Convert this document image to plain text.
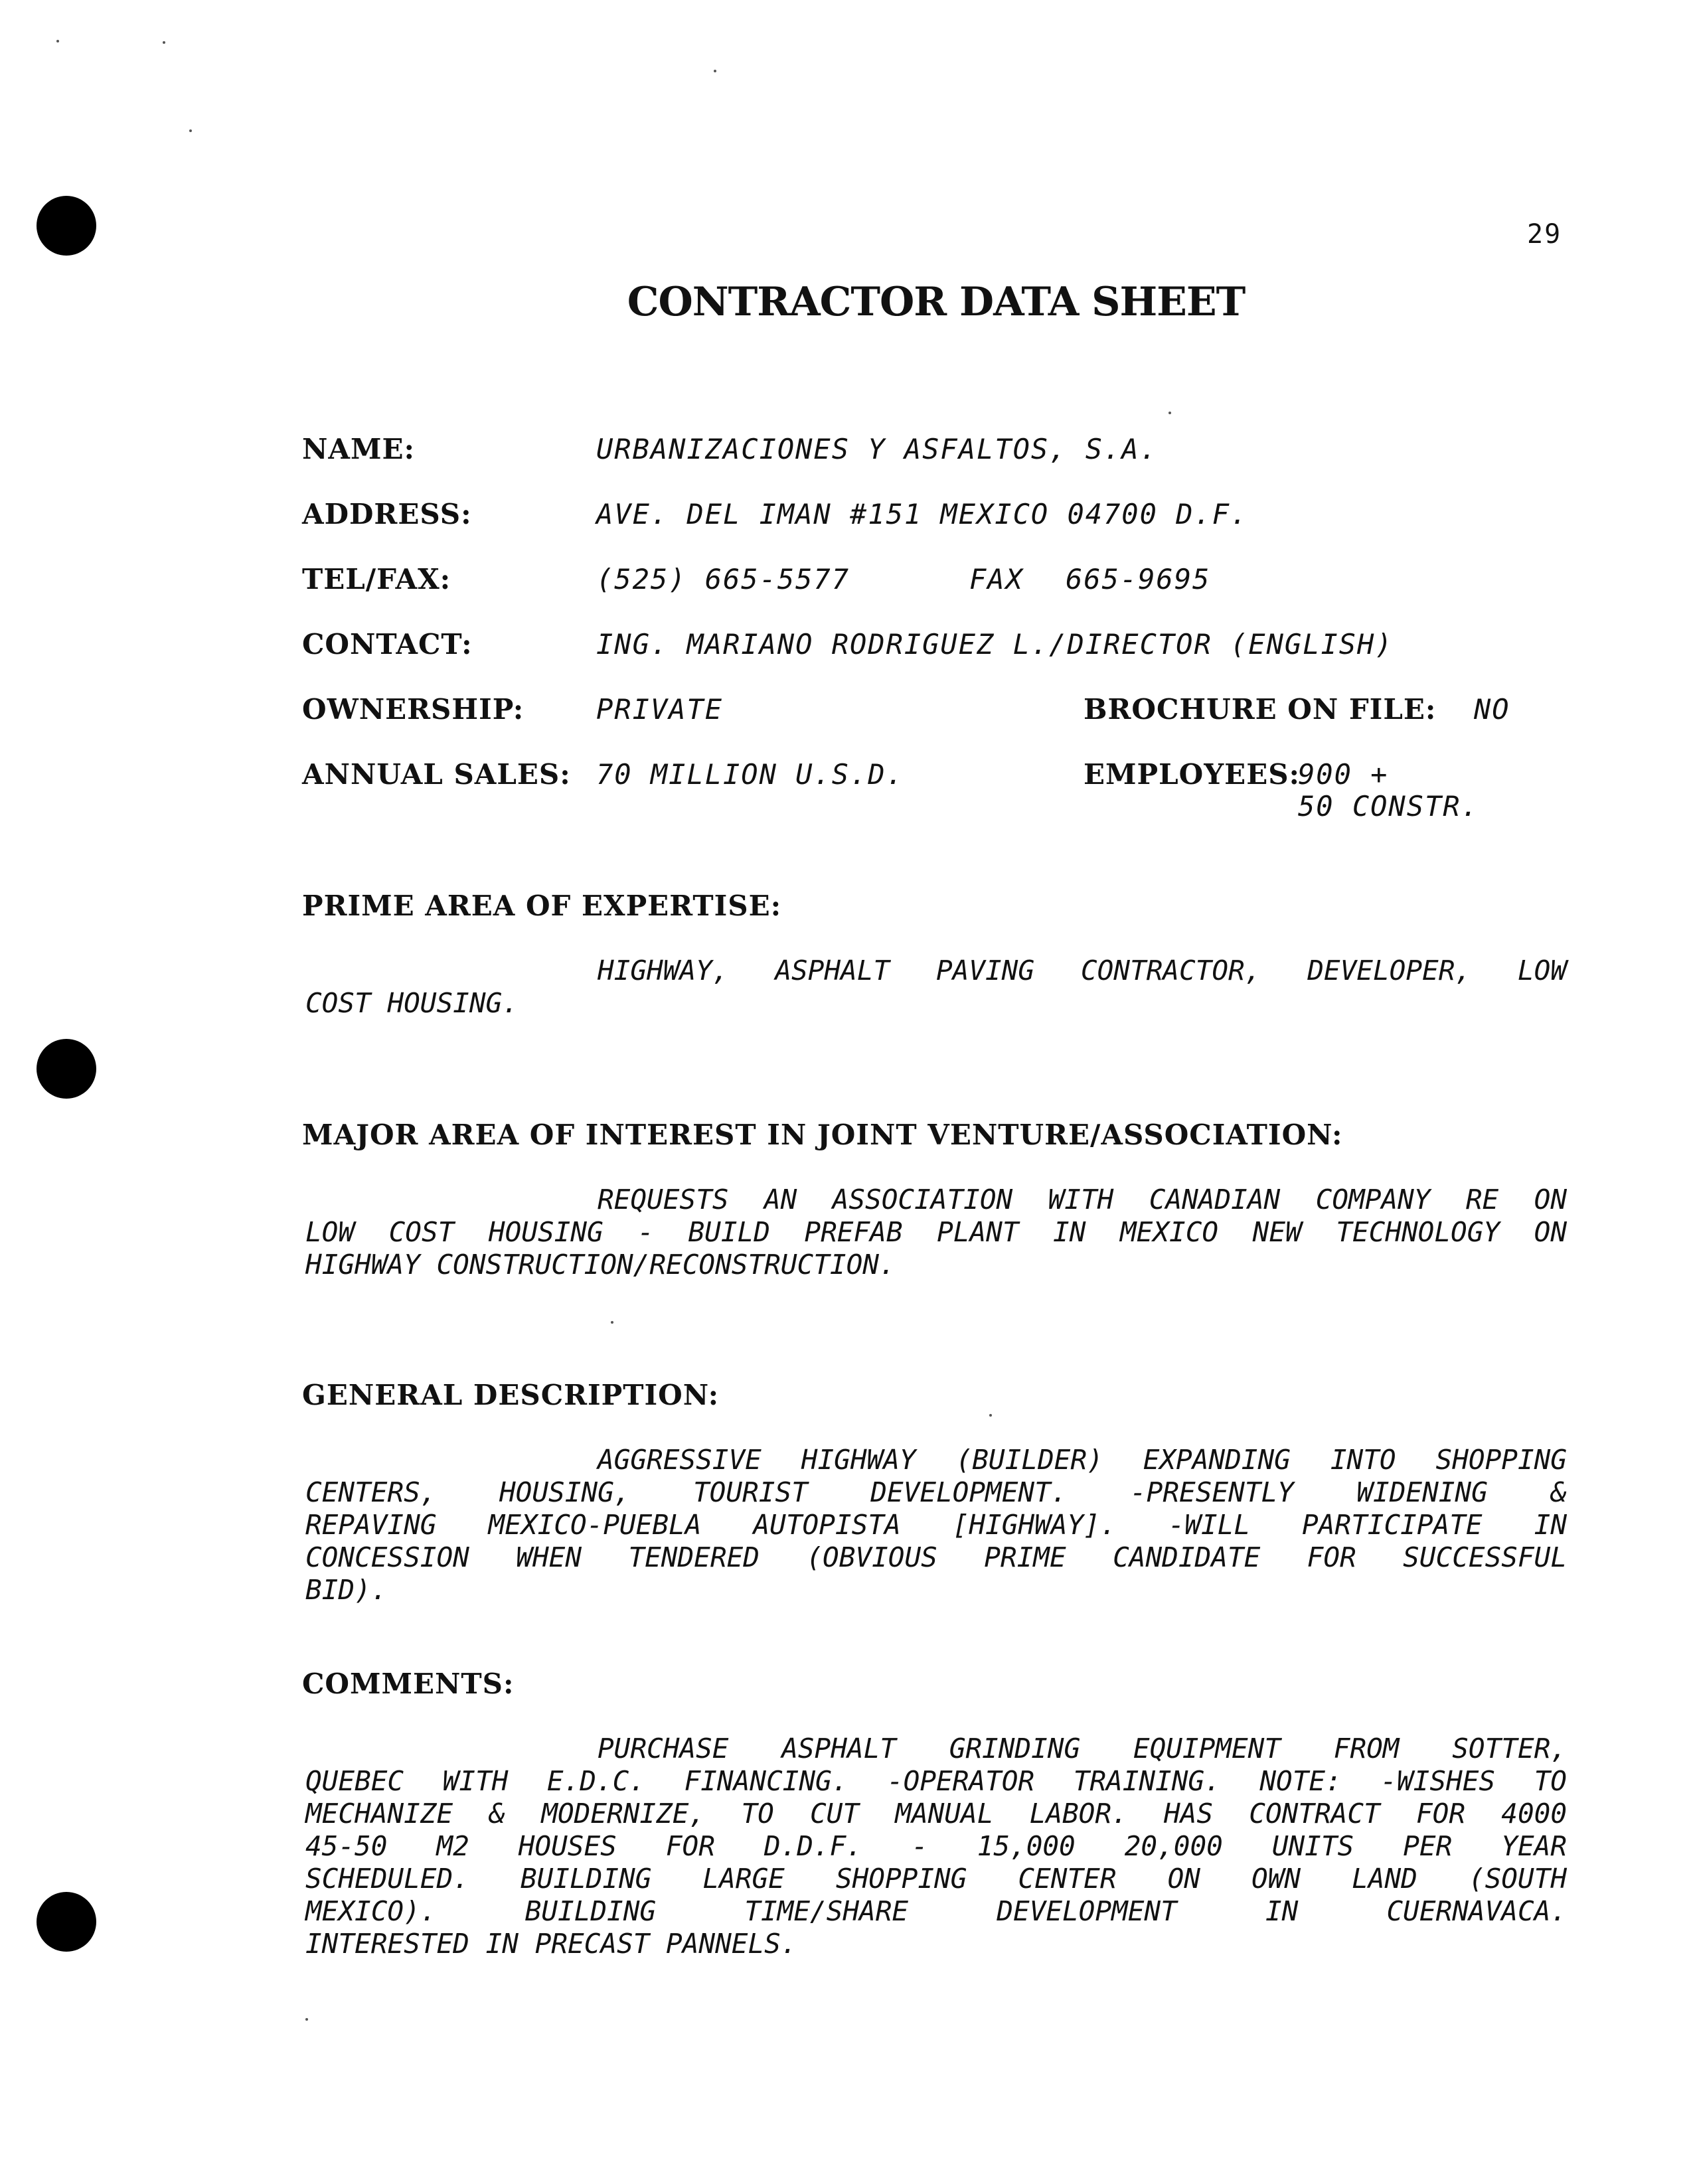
29
CONTRACTOR DATA SHEET
NAME:	URBANIZACIONES Y ASFALTOS, S.A.
ADDRESS:	AVE. DEL IMAN #151 MEXICO 04700 D.F.
TEL/FAX:	(525) 665-5577	FAX 665-9695
CONTACT:	ING. MARIANO RODRIGUEZ L./DIRECTOR (ENGLISH)
OWNERSHIP:	PRIVATE	BROCHURE ON FILE: NO
ANNUAL SALES: 70 MILLION U.S.D.	EMPLOYEES:
900 +
50 CONSTR.
PRIME AREA OF EXPERTISE:
HIGHWAY, ASPHALT PAVING CONTRACTOR, DEVELOPER, LOW
COST HOUSING.
MAJOR AREA OF INTEREST IN JOINT VENTURE/ASSOCIATION:
REQUESTS AN ASSOCIATION WITH CANADIAN COMPANY RE ON
LOW COST HOUSING - BUILD PREFAB PLANT IN MEXICO NEW TECHNOLOGY ON
HIGHWAY CONSTRUCTION/RECONSTRUCTION.
GENERAL DESCRIPTION:
AGGRESSIVE HIGHWAY (BUILDER) EXPANDING INTO SHOPPING
CENTERS, HOUSING, TOURIST DEVELOPMENT. -PRESENTLY WIDENING &
REPAVING MEXICO-PUEBLA AUTOPISTA [HIGHWAY]. -WILL PARTICIPATE IN
CONCESSION WHEN TENDERED (OBVIOUS PRIME CANDIDATE FOR SUCCESSFUL
BID).
COMMENTS:
PURCHASE ASPHALT GRINDING EQUIPMENT FROM SOTTER,
QUEBEC WITH E.D.C. FINANCING. -OPERATOR TRAINING. NOTE: -WISHES TO
MECHANIZE & MODERNIZE, TO CUT MANUAL LABOR. HAS CONTRACT FOR 4000
45-50 M2 HOUSES FOR D.D.F. - 15,000 20,000 UNITS PER YEAR
SCHEDULED. BUILDING LARGE SHOPPING CENTER ON OWN LAND (SOUTH
MEXICO). BUILDING TIME/SHARE DEVELOPMENT IN CUERNAVACA.
INTERESTED IN PRECAST PANNELS.
